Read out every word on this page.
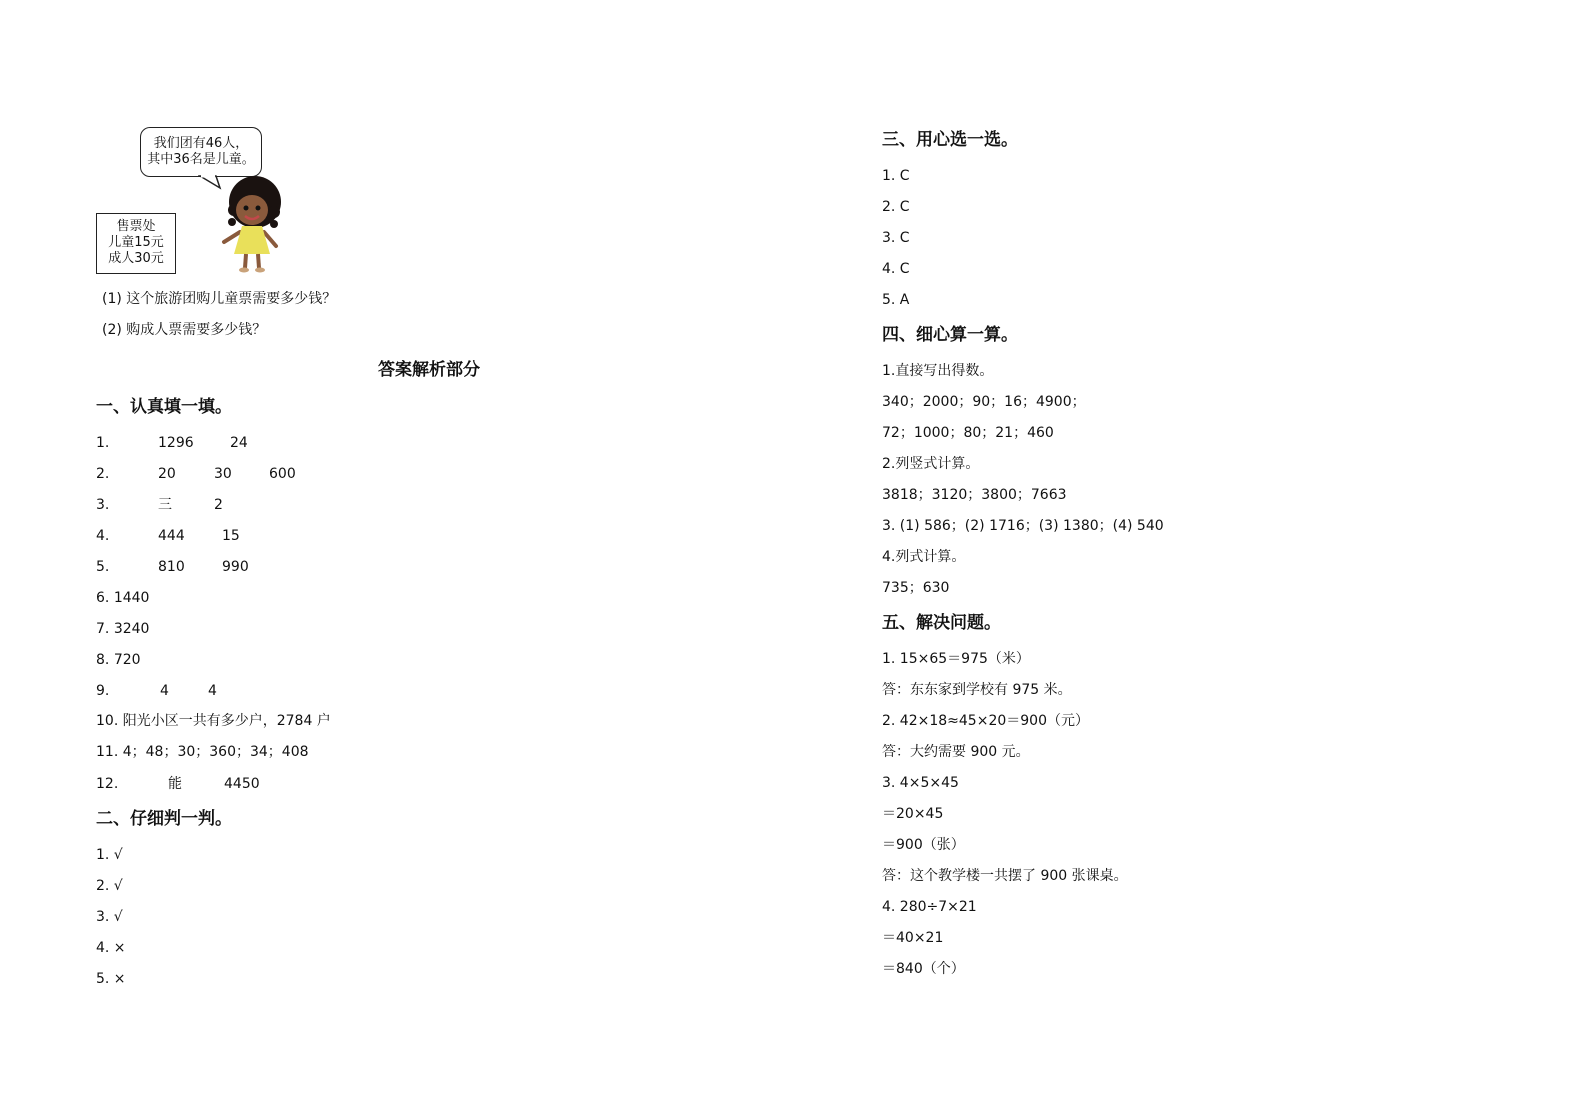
我们团有46人，
其中36名是儿童。
售票处
儿童15元
成人30元
(1) 这个旅游团购儿童票需要多少钱？
(2) 购成人票需要多少钱？
答案解析部分
一、认真填一填。
1.	1296	24
2.	20	30	600
3.	三	2
4.	444	15
5.	810	990
6. 1440
7. 3240
8. 720
9.	4	4
10. 阳光小区一共有多少户，2784 户
11. 4；48；30；360；34；408
12.	能	4450
二、仔细判一判。
1. √
2. √
3. √
4. ×
5. ×
三、用心选一选。
1. C
2. C
3. C
4. C
5. A
四、细心算一算。
1.直接写出得数。
340；2000；90；16；4900；
72；1000；80；21；460
2.列竖式计算。
3818；3120；3800；7663
3. (1) 586；(2) 1716；(3) 1380；(4) 540
4.列式计算。
735；630
五、解决问题。
1. 15×65＝975（米）
答：东东家到学校有 975 米。
2. 42×18≈45×20＝900（元）
答：大约需要 900 元。
3. 4×5×45
＝20×45
＝900（张）
答：这个教学楼一共摆了 900 张课桌。
4. 280÷7×21
＝40×21
＝840（个）
